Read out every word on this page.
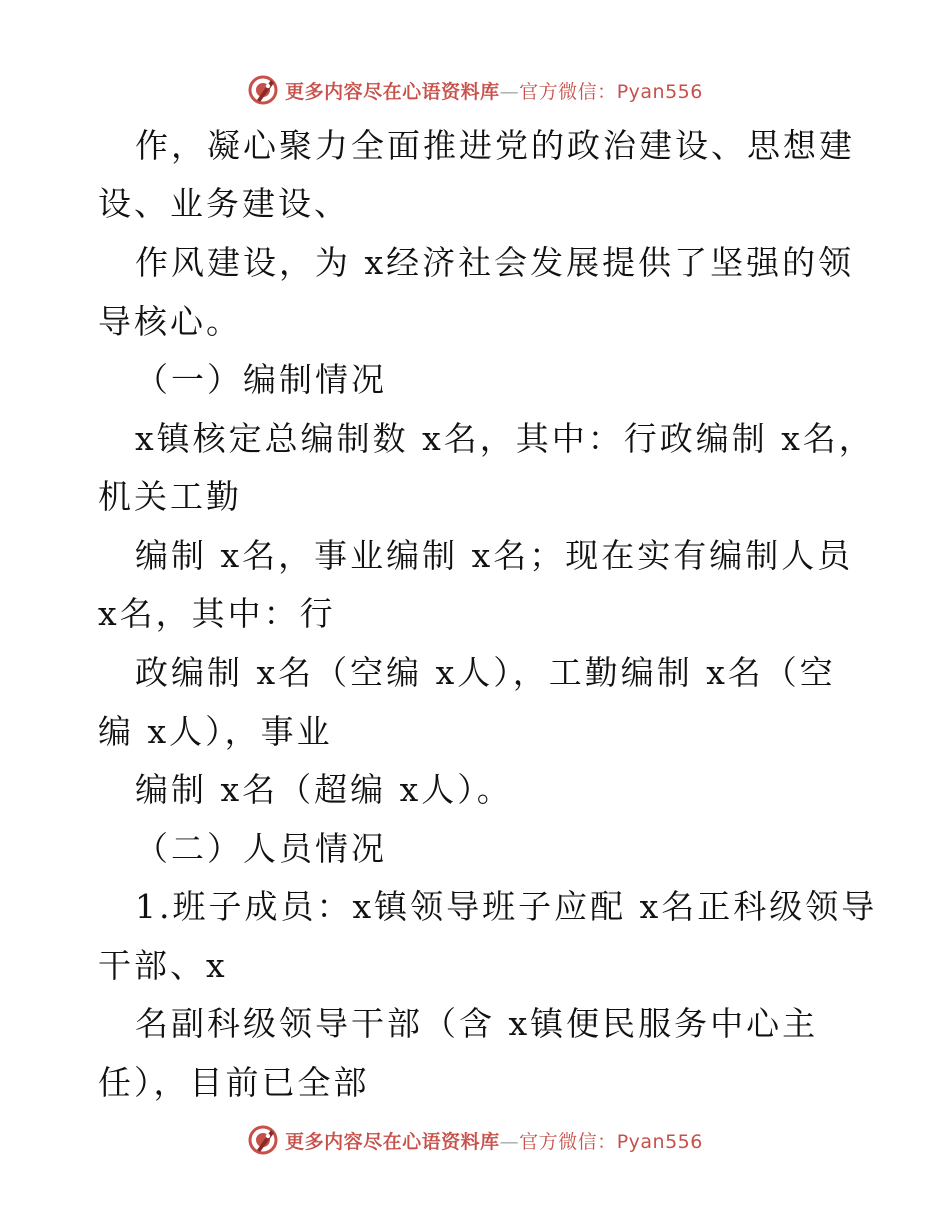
更多内容尽在心语资料库—官方微信：Pyan556
作，凝心聚力全面推进党的政治建设、思想建
设、业务建设、
作风建设，为 x经济社会发展提供了坚强的领
导核心。
（一）编制情况
x镇核定总编制数 x名，其中：行政编制 x名，
机关工勤
编制 x名，事业编制 x名；现在实有编制人员
x名，其中：行
政编制 x名（空编 x人），工勤编制 x名（空
编 x人），事业
编制 x名（超编 x人）。
（二）人员情况
1.班子成员：x镇领导班子应配 x名正科级领导
干部、x
名副科级领导干部（含 x镇便民服务中心主
任），目前已全部
更多内容尽在心语资料库—官方微信：Pyan556
